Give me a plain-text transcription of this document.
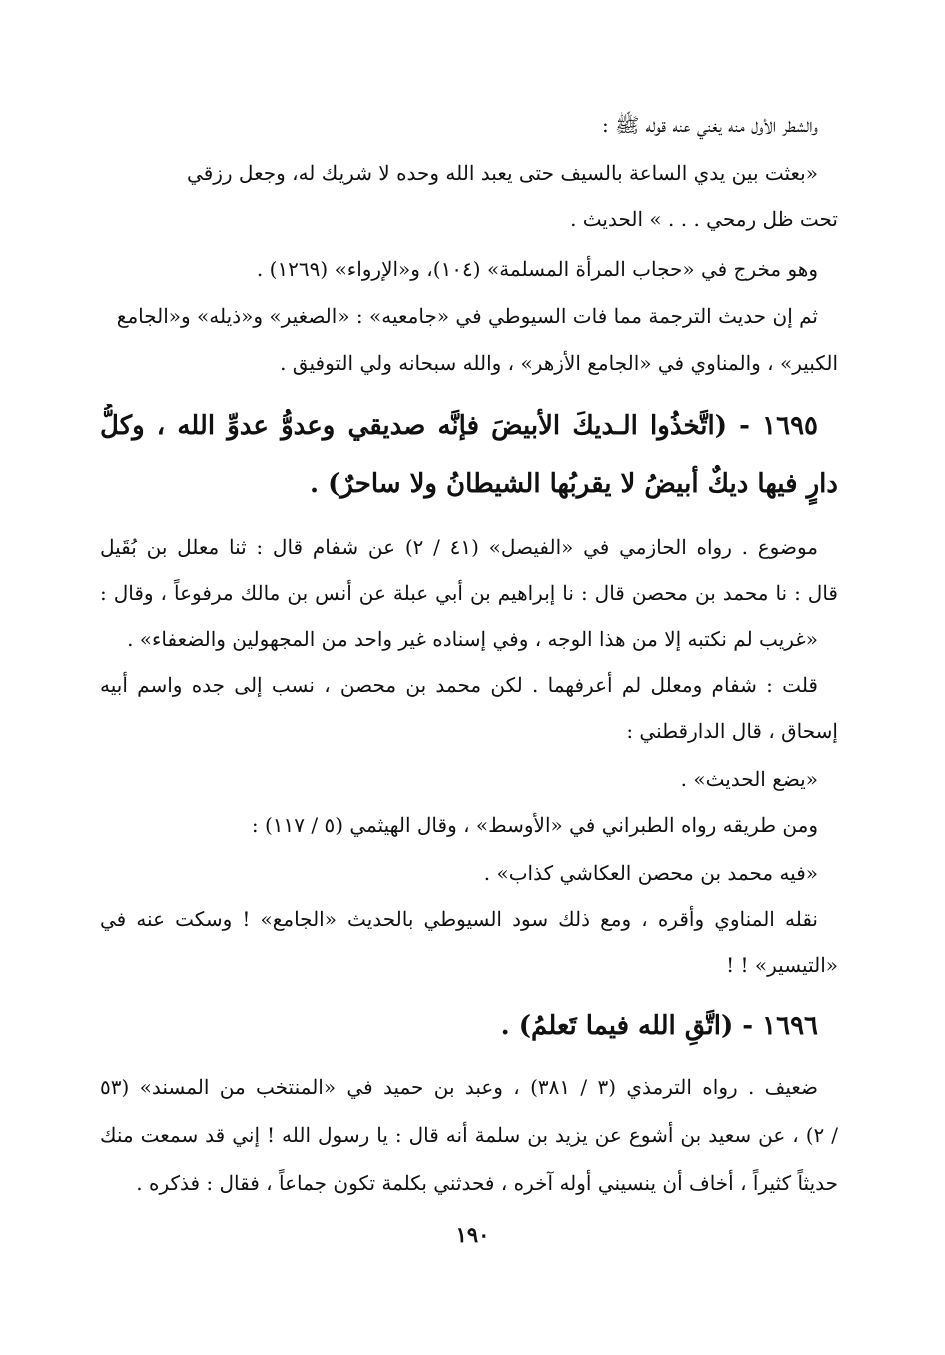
والشطر الأول منه يغني عنه قوله ﷺ :
«بعثت بين يدي الساعة بالسيف حتى يعبد الله وحده لا شريك له، وجعل رزقي
تحت ظل رمحي . . . » الحديث .
وهو مخرج في «حجاب المرأة المسلمة» (١٠٤)، و«الإرواء» (١٢٦٩) .
ثم إن حديث الترجمة مما فات السيوطي في «جامعيه» : «الصغير» و«ذيله» و«الجامع
الكبير» ، والمناوي في «الجامع الأزهر» ، والله سبحانه ولي التوفيق .
١٦٩٥ - (اتَّخذُوا الـديكَ الأبيضَ فإنَّه صديقي وعدوُّ عدوِّ الله ، وكلُّ
دارٍ فيها ديكٌ أبيضُ لا يقربُها الشيطانُ ولا ساحرٌ) .
موضوع . رواه الحازمي في «الفيصل» (٤١ / ٢) عن شفام قال : ثنا معلل بن بُقَيل
قال : نا محمد بن محصن قال : نا إبراهيم بن أبي عبلة عن أنس بن مالك مرفوعاً ، وقال :
«غريب لم نكتبه إلا من هذا الوجه ، وفي إسناده غير واحد من المجهولين والضعفاء» .
قلت : شفام ومعلل لم أعرفهما . لكن محمد بن محصن ، نسب إلى جده واسم أبيه
إسحاق ، قال الدارقطني :
«يضع الحديث» .
ومن طريقه رواه الطبراني في «الأوسط» ، وقال الهيثمي (٥ / ١١٧) :
«فيه محمد بن محصن العكاشي كذاب» .
نقله المناوي وأقره ، ومع ذلك سود السيوطي بالحديث «الجامع» ! وسكت عنه في
«التيسير» ! !
١٦٩٦ - (اتَّقِ الله فيما تَعلمُ) .
ضعيف . رواه الترمذي (٣ / ٣٨١) ، وعبد بن حميد في «المنتخب من المسند» (٥٣
/ ٢) ، عن سعيد بن أشوع عن يزيد بن سلمة أنه قال : يا رسول الله ! إني قد سمعت منك
حديثاً كثيراً ، أخاف أن ينسيني أوله آخره ، فحدثني بكلمة تكون جماعاً ، فقال : فذكره .
١٩٠
